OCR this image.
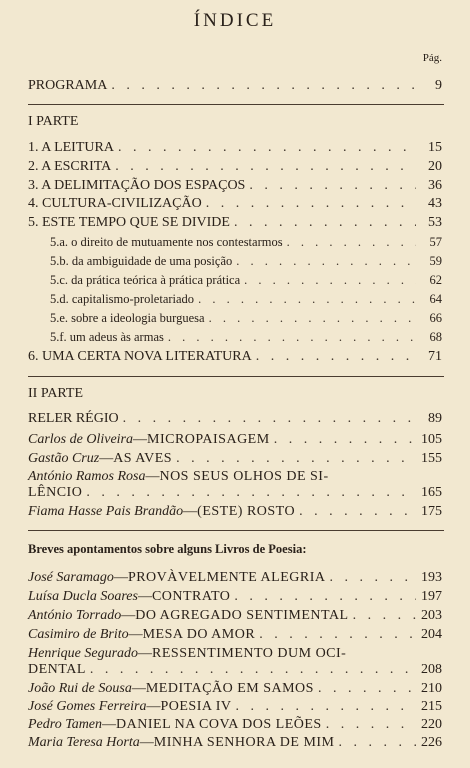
ÍNDICE
Pág.
PROGRAMA . . .	9
I PARTE
1. A LEITURA . . .	15
2. A ESCRITA . . .	20
3. A DELIMITAÇÃO DOS ESPAÇOS . . .	36
4. CULTURA-CIVILIZAÇÃO . . .	43
5. ESTE TEMPO QUE SE DIVIDE . . .	53
5.a. o direito de mutuamente nos contestarmos . . .	57
5.b. da ambiguidade de uma posição . . .	59
5.c. da prática teórica à prática prática . . .	62
5.d. capitalismo-proletariado . . .	64
5.e. sobre a ideologia burguesa . . .	66
5.f. um adeus às armas . . .	68
6. UMA CERTA NOVA LITERATURA . . .	71
II PARTE
RELER RÉGIO . . .	89
Carlos de Oliveira — MICROPAISAGEM . . .	105
Gastão Cruz — AS AVES . . .	155
António Ramos Rosa — NOS SEUS OLHOS DE SI-
LÊNCIO . . .	165
Fiama Hasse Pais Brandão — (ESTE) ROSTO . . .	175
Breves apontamentos sobre alguns Livros de Poesia:
José Saramago — PROVÀVELMENTE ALEGRIA . . .	193
Luísa Ducla Soares — CONTRATO . . .	197
António Torrado — DO AGREGADO SENTIMENTAL . . .	203
Casimiro de Brito — MESA DO AMOR . . .	204
Henrique Segurado — RESSENTIMENTO DUM OCI-
DENTAL . . .	208
João Rui de Sousa — MEDITAÇÃO EM SAMOS . . .	210
José Gomes Ferreira — POESIA IV . . .	215
Pedro Tamen — DANIEL NA COVA DOS LEÕES . . .	220
Maria Teresa Horta — MINHA SENHORA DE MIM . . .	226
